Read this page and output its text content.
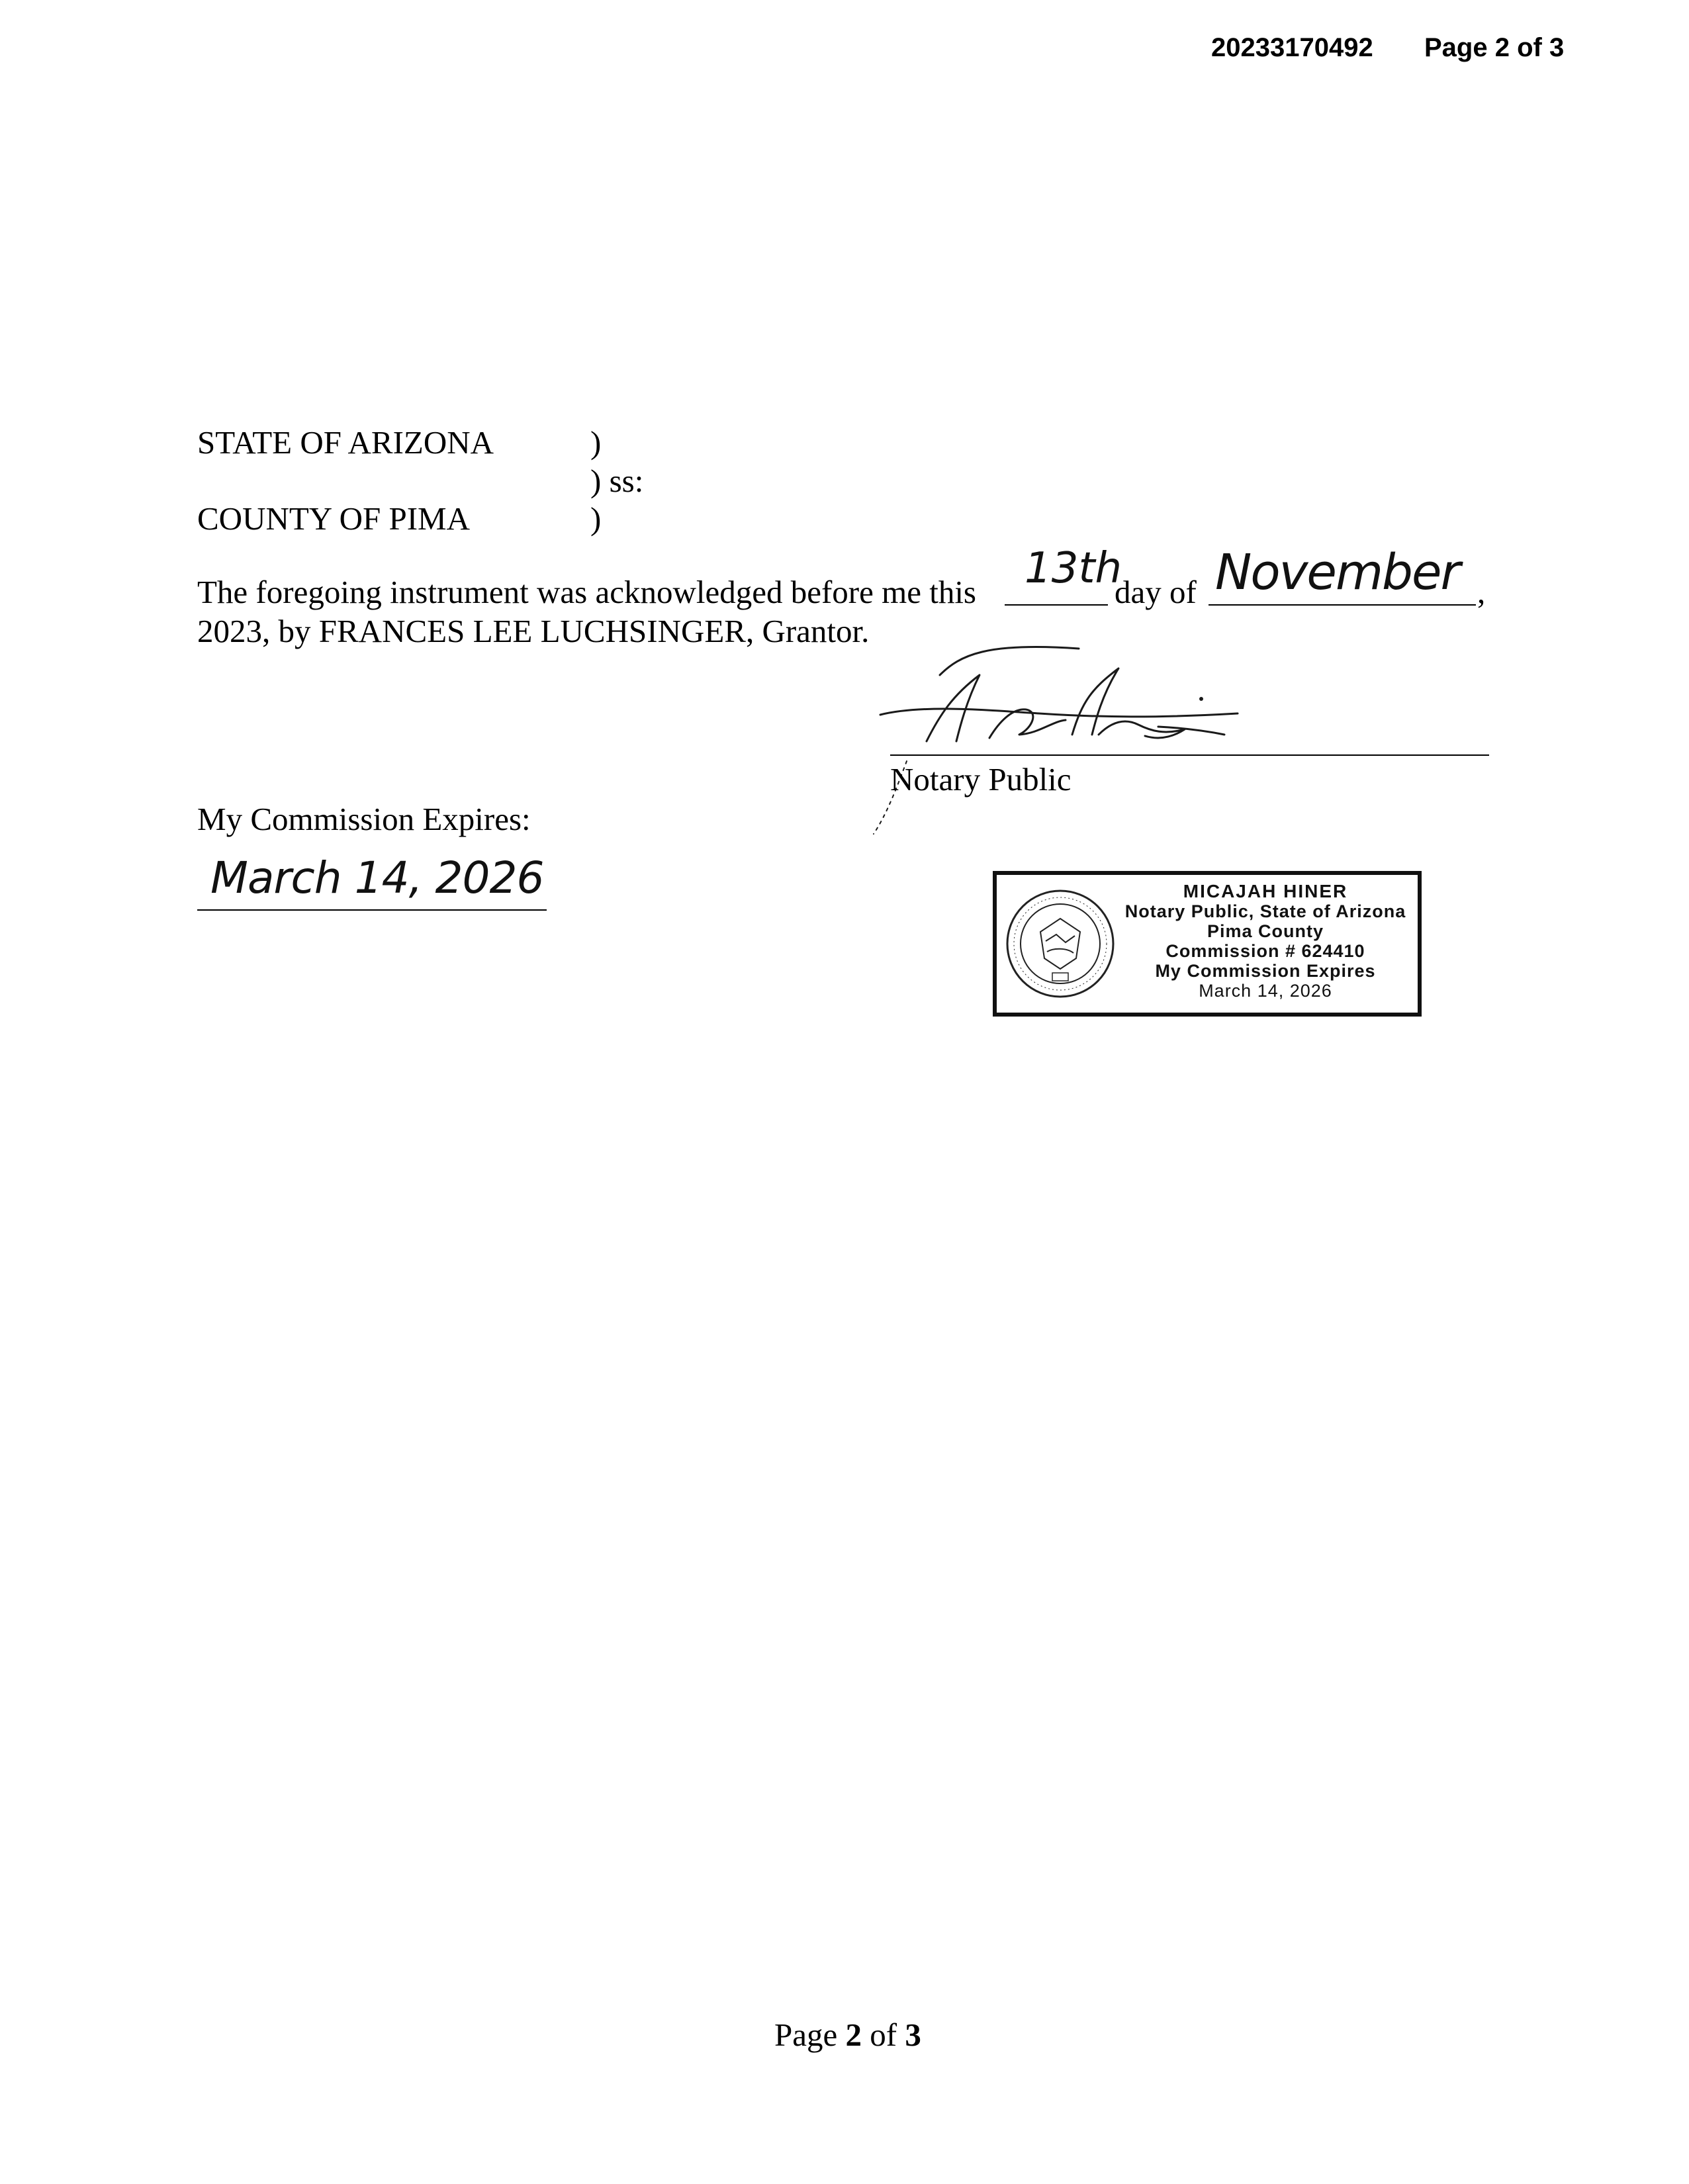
20233170492 Page 2 of 3
STATE OF ARIZONA	)
) ss:
COUNTY OF PIMA	)
The foregoing instrument was acknowledged before me this 13th
day of November ,
2023, by FRANCES LEE LUCHSINGER, Grantor.
Notary Public
My Commission Expires:
March 14, 2026	MICAJAH HINER
Notary Public, State of Arizona
Pima County
Commission # 624410
My Commission Expires
March 14, 2026
Page 2 of 3
